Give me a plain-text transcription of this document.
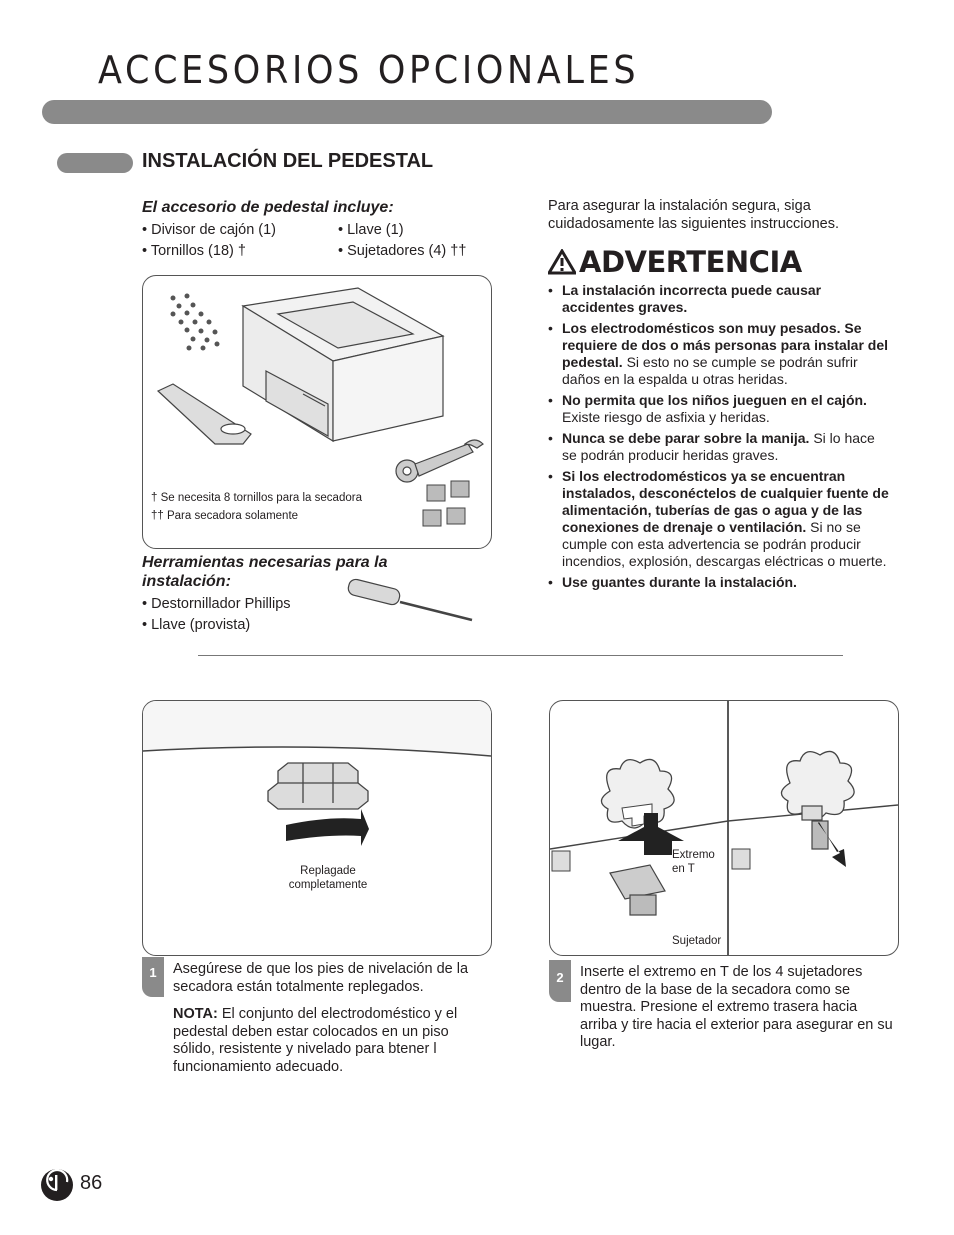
ACCESORIOS OPCIONALES
INSTALACIÓN DEL PEDESTAL
El accesorio de pedestal incluye:
• Divisor de cajón (1)
• Tornillos (18) †
• Llave (1)
• Sujetadores (4) ††
† Se necesita 8 tornillos para la secadora
†† Para secadora solamente
Herramientas necesarias para la instalación:
• Destornillador Phillips
• Llave (provista)
Para asegurar la instalación segura, siga cuidadosamente las siguientes instrucciones.
ADVERTENCIA
• La instalación incorrecta puede causar accidentes graves.
• Los electrodomésticos son muy pesados. Se requiere de dos o más personas para instalar del pedestal. Si esto no se cumple se podrán sufrir daños en la espalda u otras heridas.
• No permita que los niños jueguen en el cajón. Existe riesgo de asfixia y heridas.
• Nunca se debe parar sobre la manija. Si lo hace se podrán producir heridas graves.
• Si los electrodomésticos ya se encuentran instalados, desconéctelos de cualquier fuente de alimentación, tuberías de gas o agua y de las conexiones de drenaje o ventilación. Si no se cumple con esta advertencia se podrán producir incendios, explosión, descargas eléctricas o muerte.
• Use guantes durante la instalación.
Replagade completamente
1	Asegúrese de que los pies de nivelación de la secadora están totalmente replegados.
NOTA: El conjunto del electrodoméstico y el pedestal deben estar colocados en un piso sólido, resistente y nivelado para btener l funcionamiento adecuado.
Extremo
en T
Sujetador
2	Inserte el extremo en T de los 4 sujetadores dentro de la base de la secadora como se muestra. Presione el extremo trasera hacia arriba y tire hacia el exterior para asegurar en su lugar.
86
